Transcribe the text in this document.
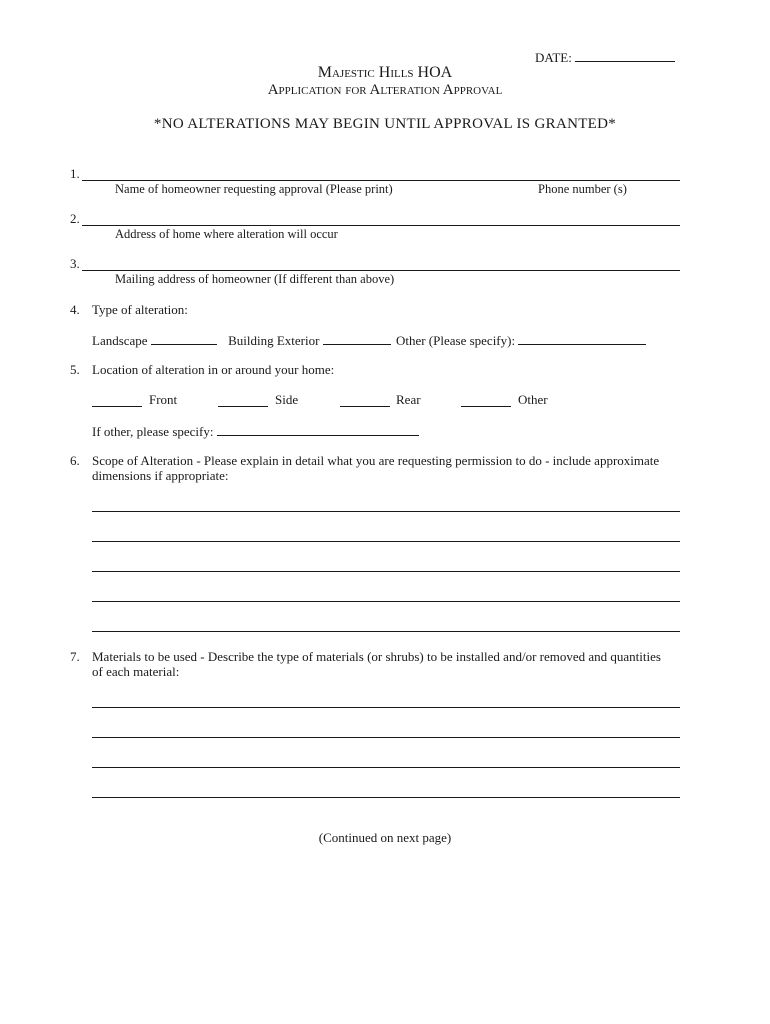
DATE:
Majestic Hills HOA
Application for Alteration Approval
*NO ALTERATIONS MAY BEGIN UNTIL APPROVAL IS GRANTED*
1.
Name of homeowner requesting approval (Please print)	Phone number (s)
2.
Address of home where alteration will occur
3.
Mailing address of homeowner (If different than above)
4. Type of alteration:
Landscape	Building Exterior	Other (Please specify):
5. Location of alteration in or around your home:
Front	Side	Rear	Other
If other, please specify:
6. Scope of Alteration - Please explain in detail what you are requesting permission to do - include approximate
dimensions if appropriate:
7. Materials to be used - Describe the type of materials (or shrubs) to be installed and/or removed and quantities
of each material:
(Continued on next page)
